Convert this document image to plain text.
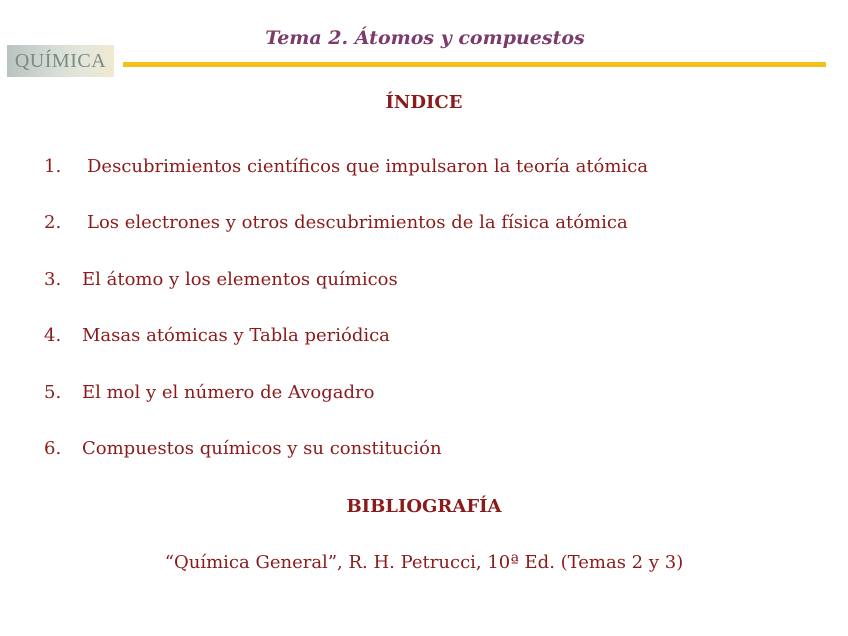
QUÍMICA
Tema 2. Átomos y compuestos
ÍNDICE
1. Descubrimientos científicos que impulsaron la teoría atómica
2. Los electrones y otros descubrimientos de la física atómica
3. El átomo y los elementos químicos
4. Masas atómicas y Tabla periódica
5. El mol y el número de Avogadro
6. Compuestos químicos y su constitución
BIBLIOGRAFÍA
“Química General”, R. H. Petrucci, 10ª Ed. (Temas 2 y 3)
